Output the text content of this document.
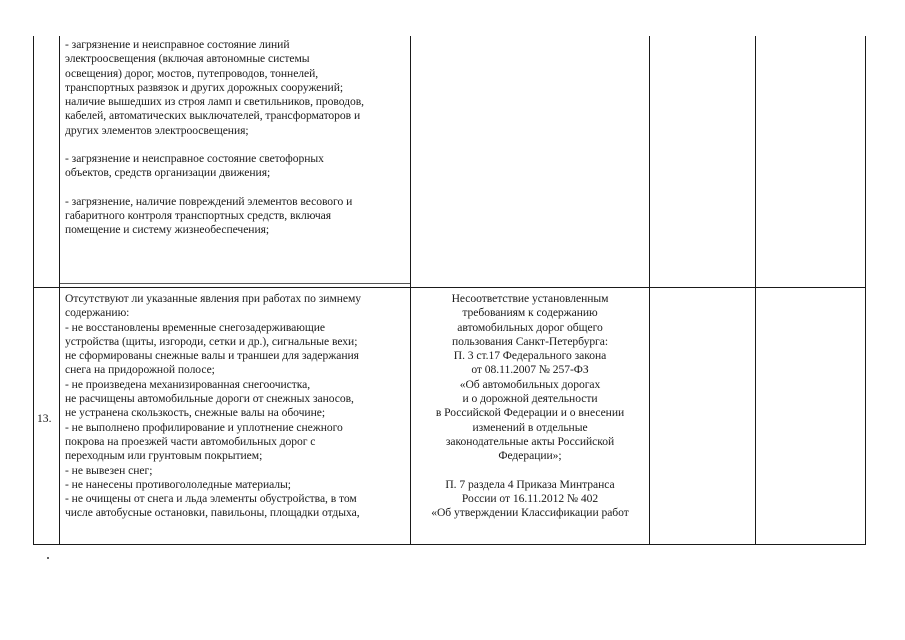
- загрязнение и неисправное состояние линий
электроосвещения (включая автономные системы
освещения) дорог, мостов, путепроводов, тоннелей,
транспортных развязок и других дорожных сооружений;
наличие вышедших из строя ламп и светильников, проводов,
кабелей, автоматических выключателей, трансформаторов и
других элементов электроосвещения;
- загрязнение и неисправное состояние светофорных
объектов, средств организации движения;
- загрязнение, наличие повреждений элементов весового и
габаритного контроля транспортных средств, включая
помещение и систему жизнеобеспечения;
13.
Отсутствуют ли указанные явления при работах по зимнему
содержанию:
- не восстановлены временные снегозадерживающие
устройства (щиты, изгороди, сетки и др.), сигнальные вехи;
не сформированы снежные валы и траншеи для задержания
снега на придорожной полосе;
- не произведена механизированная снегоочистка,
не расчищены автомобильные дороги от снежных заносов,
не устранена скользкость, снежные валы на обочине;
- не выполнено профилирование и уплотнение снежного
покрова на проезжей части автомобильных дорог с
переходным или грунтовым покрытием;
- не вывезен снег;
- не нанесены противогололедные материалы;
- не очищены от снега и льда элементы обустройства, в том
числе автобусные остановки, павильоны, площадки отдыха,
Несоответствие установленным
требованиям к содержанию
автомобильных дорог общего
пользования Санкт-Петербурга:
П. 3 ст.17 Федерального закона
от 08.11.2007 № 257-ФЗ
«Об автомобильных дорогах
и о дорожной деятельности
в Российской Федерации и о внесении
изменений в отдельные
законодательные акты Российской
Федерации»;
П. 7 раздела 4 Приказа Минтранса
России от 16.11.2012 № 402
«Об утверждении Классификации работ
